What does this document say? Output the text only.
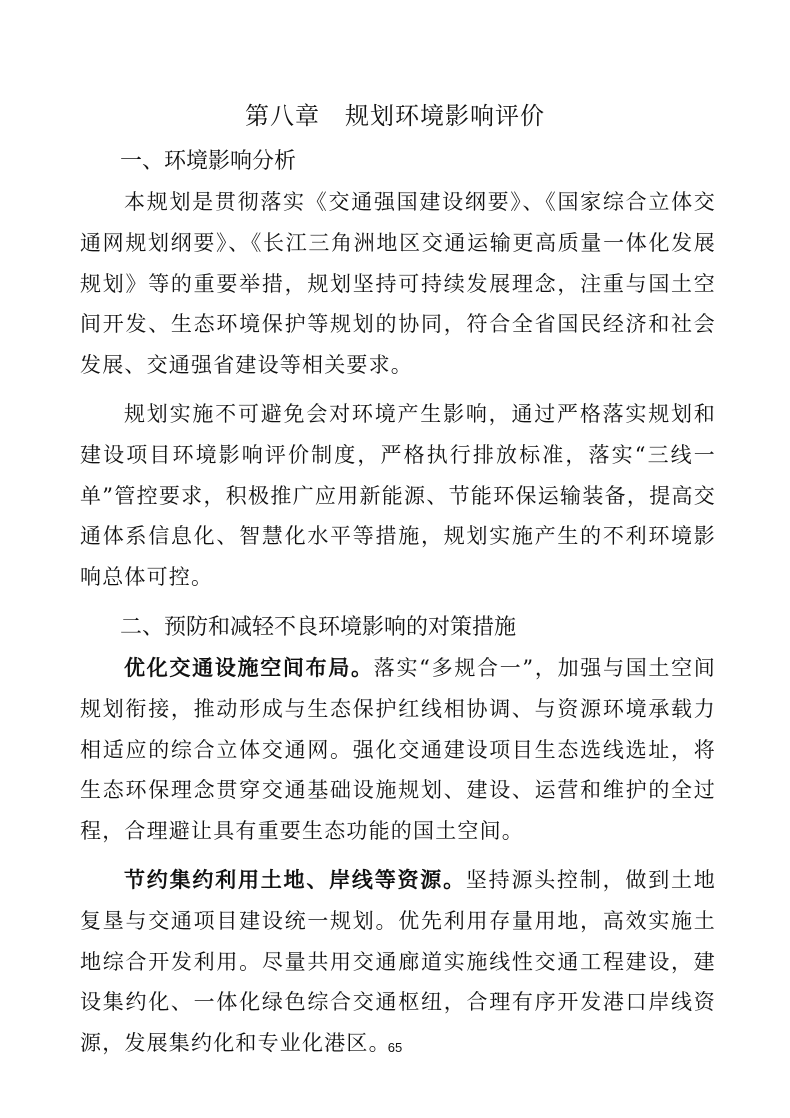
第八章　规划环境影响评价
一、环境影响分析

本规划是贯彻落实《交通强国建设纲要》、《国家综合立体交通网规划纲要》、《长江三角洲地区交通运输更高质量一体化发展规划》等的重要举措，规划坚持可持续发展理念，注重与国土空间开发、生态环境保护等规划的协同，符合全省国民经济和社会发展、交通强省建设等相关要求。

规划实施不可避免会对环境产生影响，通过严格落实规划和建设项目环境影响评价制度，严格执行排放标准，落实“三线一单”管控要求，积极推广应用新能源、节能环保运输装备，提高交通体系信息化、智慧化水平等措施，规划实施产生的不利环境影响总体可控。

二、预防和减轻不良环境影响的对策措施

优化交通设施空间布局。落实“多规合一”，加强与国土空间规划衔接，推动形成与生态保护红线相协调、与资源环境承载力相适应的综合立体交通网。强化交通建设项目生态选线选址，将生态环保理念贯穿交通基础设施规划、建设、运营和维护的全过程，合理避让具有重要生态功能的国土空间。

节约集约利用土地、岸线等资源。坚持源头控制，做到土地复垦与交通项目建设统一规划。优先利用存量用地，高效实施土地综合开发利用。尽量共用交通廊道实施线性交通工程建设，建设集约化、一体化绿色综合交通枢纽，合理有序开发港口岸线资源，发展集约化和专业化港区。

65
